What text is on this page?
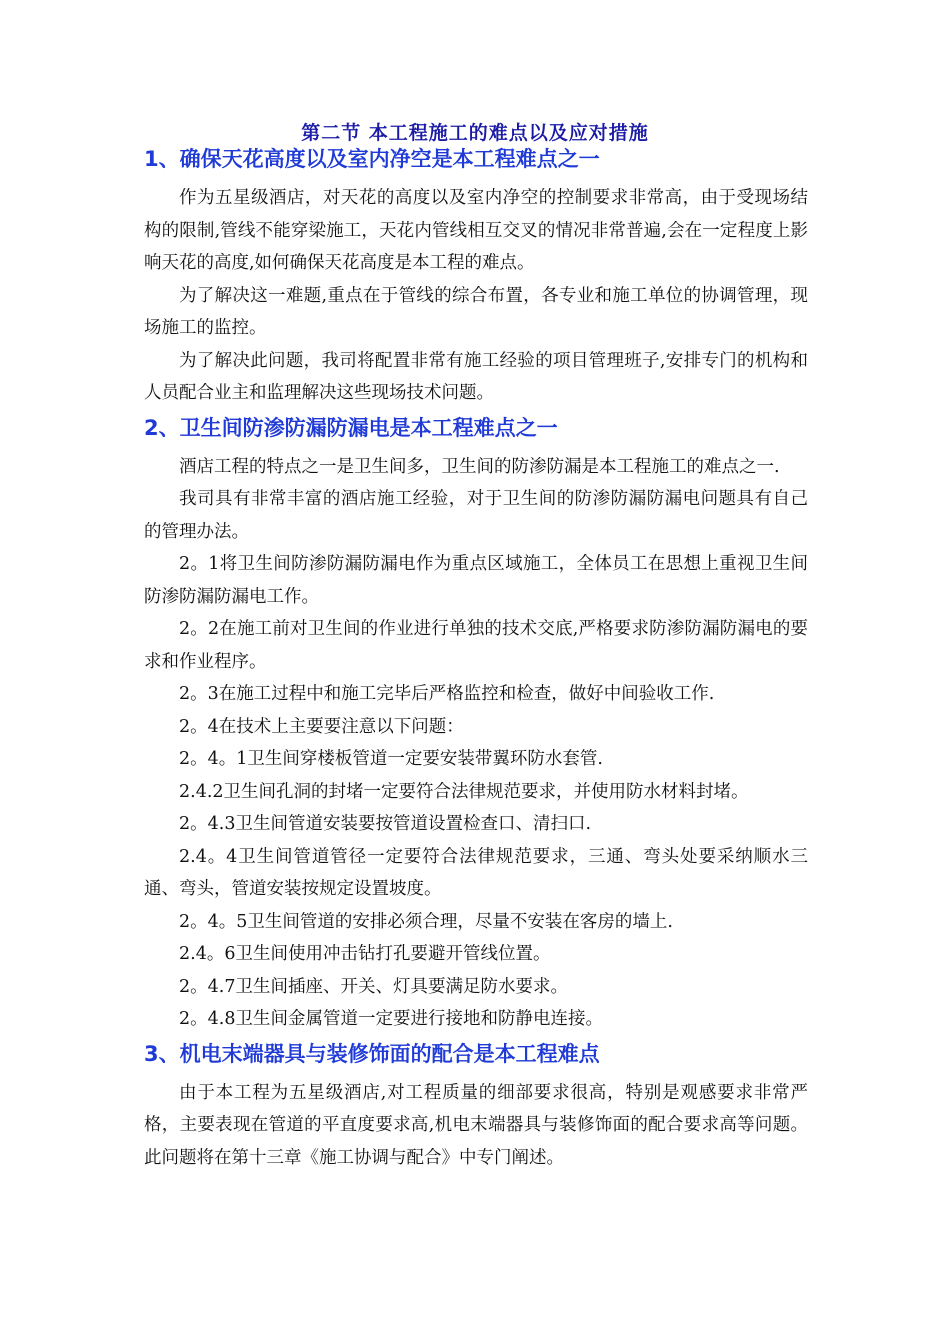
第二节 本工程施工的难点以及应对措施
1、确保天花高度以及室内净空是本工程难点之一

作为五星级酒店，对天花的高度以及室内净空的控制要求非常高，由于受现场结构的限制,管线不能穿梁施工，天花内管线相互交叉的情况非常普遍,会在一定程度上影响天花的高度,如何确保天花高度是本工程的难点。

为了解决这一难题,重点在于管线的综合布置，各专业和施工单位的协调管理，现场施工的监控。

为了解决此问题，我司将配置非常有施工经验的项目管理班子,安排专门的机构和人员配合业主和监理解决这些现场技术问题。

2、卫生间防渗防漏防漏电是本工程难点之一

酒店工程的特点之一是卫生间多，卫生间的防渗防漏是本工程施工的难点之一.

我司具有非常丰富的酒店施工经验，对于卫生间的防渗防漏防漏电问题具有自己的管理办法。

2。1将卫生间防渗防漏防漏电作为重点区域施工，全体员工在思想上重视卫生间防渗防漏防漏电工作。

2。2在施工前对卫生间的作业进行单独的技术交底,严格要求防渗防漏防漏电的要求和作业程序。

2。3在施工过程中和施工完毕后严格监控和检查，做好中间验收工作.

2。4在技术上主要要注意以下问题：

2。4。1卫生间穿楼板管道一定要安装带翼环防水套管.

2.4.2卫生间孔洞的封堵一定要符合法律规范要求，并使用防水材料封堵。

2。4.3卫生间管道安装要按管道设置检查口、清扫口.

2.4。4卫生间管道管径一定要符合法律规范要求，三通、弯头处要采纳顺水三通、弯头，管道安装按规定设置坡度。

2。4。5卫生间管道的安排必须合理，尽量不安装在客房的墙上.

2.4。6卫生间使用冲击钻打孔要避开管线位置。

2。4.7卫生间插座、开关、灯具要满足防水要求。

2。4.8卫生间金属管道一定要进行接地和防静电连接。

3、机电末端器具与装修饰面的配合是本工程难点

由于本工程为五星级酒店,对工程质量的细部要求很高，特别是观感要求非常严格，主要表现在管道的平直度要求高,机电末端器具与装修饰面的配合要求高等问题。此问题将在第十三章《施工协调与配合》中专门阐述。
